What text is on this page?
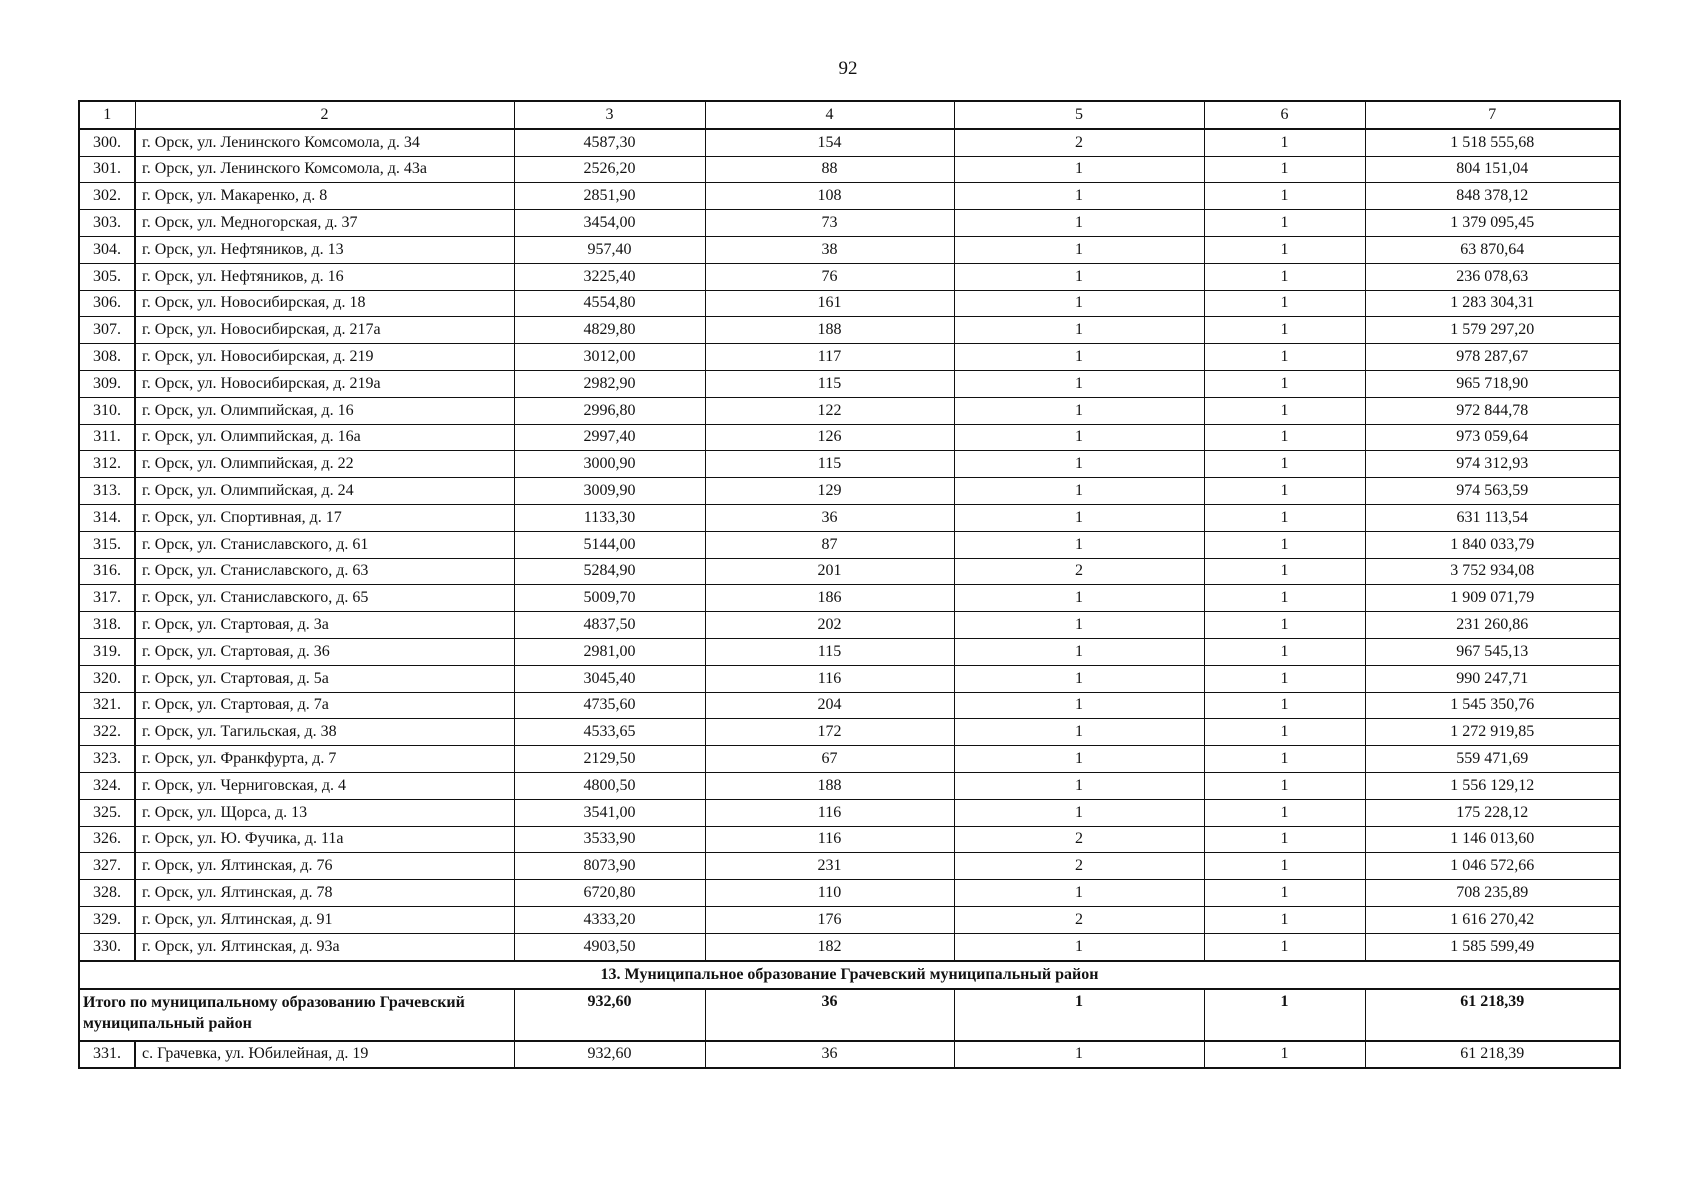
92
1	2	3	4	5	6	7
300.	г. Орск, ул. Ленинского Комсомола, д. 34	4587,30	154	2	1	1 518 555,68
301.	г. Орск, ул. Ленинского Комсомола, д. 43а	2526,20	88	1	1	804 151,04
302.	г. Орск, ул. Макаренко, д. 8	2851,90	108	1	1	848 378,12
303.	г. Орск, ул. Медногорская, д. 37	3454,00	73	1	1	1 379 095,45
304.	г. Орск, ул. Нефтяников, д. 13	957,40	38	1	1	63 870,64
305.	г. Орск, ул. Нефтяников, д. 16	3225,40	76	1	1	236 078,63
306.	г. Орск, ул. Новосибирская, д. 18	4554,80	161	1	1	1 283 304,31
307.	г. Орск, ул. Новосибирская, д. 217а	4829,80	188	1	1	1 579 297,20
308.	г. Орск, ул. Новосибирская, д. 219	3012,00	117	1	1	978 287,67
309.	г. Орск, ул. Новосибирская, д. 219а	2982,90	115	1	1	965 718,90
310.	г. Орск, ул. Олимпийская, д. 16	2996,80	122	1	1	972 844,78
311.	г. Орск, ул. Олимпийская, д. 16а	2997,40	126	1	1	973 059,64
312.	г. Орск, ул. Олимпийская, д. 22	3000,90	115	1	1	974 312,93
313.	г. Орск, ул. Олимпийская, д. 24	3009,90	129	1	1	974 563,59
314.	г. Орск, ул. Спортивная, д. 17	1133,30	36	1	1	631 113,54
315.	г. Орск, ул. Станиславского, д. 61	5144,00	87	1	1	1 840 033,79
316.	г. Орск, ул. Станиславского, д. 63	5284,90	201	2	1	3 752 934,08
317.	г. Орск, ул. Станиславского, д. 65	5009,70	186	1	1	1 909 071,79
318.	г. Орск, ул. Стартовая, д. 3а	4837,50	202	1	1	231 260,86
319.	г. Орск, ул. Стартовая, д. 36	2981,00	115	1	1	967 545,13
320.	г. Орск, ул. Стартовая, д. 5а	3045,40	116	1	1	990 247,71
321.	г. Орск, ул. Стартовая, д. 7а	4735,60	204	1	1	1 545 350,76
322.	г. Орск, ул. Тагильская, д. 38	4533,65	172	1	1	1 272 919,85
323.	г. Орск, ул. Франкфурта, д. 7	2129,50	67	1	1	559 471,69
324.	г. Орск, ул. Черниговская, д. 4	4800,50	188	1	1	1 556 129,12
325.	г. Орск, ул. Щорса, д. 13	3541,00	116	1	1	175 228,12
326.	г. Орск, ул. Ю. Фучика, д. 11а	3533,90	116	2	1	1 146 013,60
327.	г. Орск, ул. Ялтинская, д. 76	8073,90	231	2	1	1 046 572,66
328.	г. Орск, ул. Ялтинская, д. 78	6720,80	110	1	1	708 235,89
329.	г. Орск, ул. Ялтинская, д. 91	4333,20	176	2	1	1 616 270,42
330.	г. Орск, ул. Ялтинская, д. 93а	4903,50	182	1	1	1 585 599,49
13. Муниципальное образование Грачевский муниципальный район						
Итого по муниципальному образованию Грачевский муниципальный район		932,60	36	1	1	61 218,39
331.	с. Грачевка, ул. Юбилейная, д. 19	932,60	36	1	1	61 218,39
